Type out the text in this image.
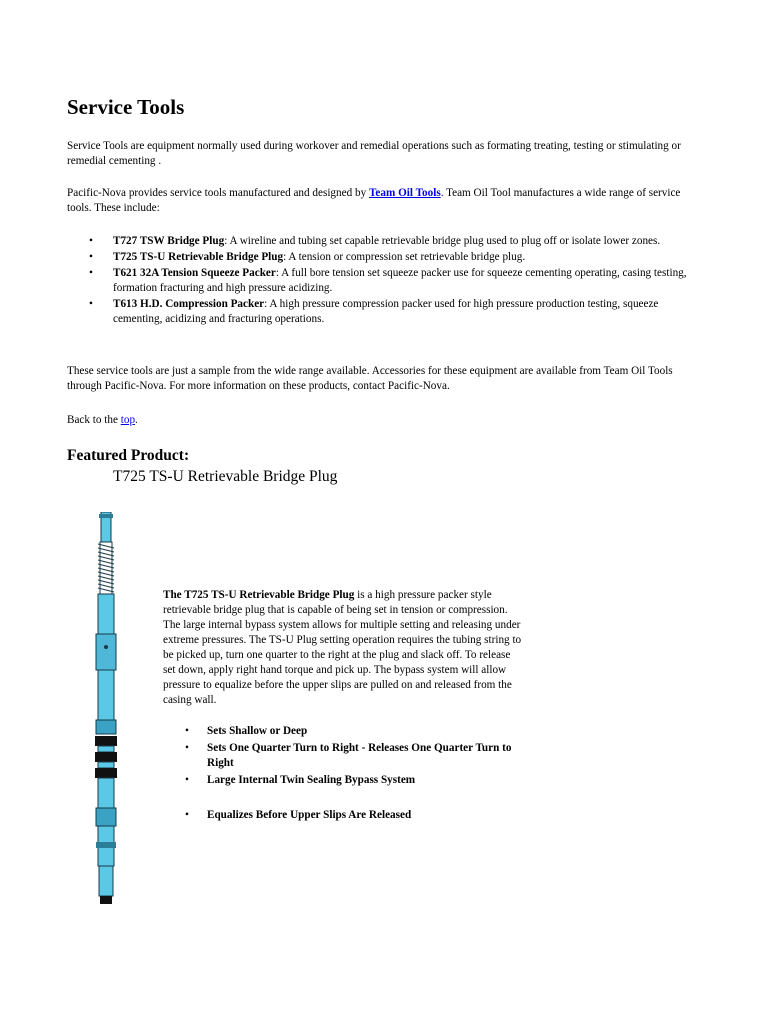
Service Tools
Service Tools are equipment normally used during workover and remedial operations such as formating treating, testing or stimulating or remedial cementing .
Pacific-Nova provides service tools manufactured and designed by Team Oil Tools. Team Oil Tool manufactures a wide range of service tools. These include:
• T727 TSW Bridge Plug: A wireline and tubing set capable retrievable bridge plug used to plug off or isolate lower zones.
• T725 TS-U Retrievable Bridge Plug: A tension or compression set retrievable bridge plug.
• T621 32A Tension Squeeze Packer: A full bore tension set squeeze packer use for squeeze cementing operating, casing testing, formation fracturing and high pressure acidizing.
• T613 H.D. Compression Packer: A high pressure compression packer used for high pressure production testing, squeeze cementing, acidizing and fracturing operations.
These service tools are just a sample from the wide range available. Accessories for these equipment are available from Team Oil Tools through Pacific-Nova. For more information on these products, contact Pacific-Nova.
Back to the top.
Featured Product:
T725 TS-U Retrievable Bridge Plug
The T725 TS-U Retrievable Bridge Plug is a high pressure packer style retrievable bridge plug that is capable of being set in tension or compression. The large internal bypass system allows for multiple setting and releasing under extreme pressures. The TS-U Plug setting operation requires the tubing string to be picked up, turn one quarter to the right at the plug and slack off. To release set down, apply right hand torque and pick up. The bypass system will allow pressure to equalize before the upper slips are pulled on and released from the casing wall.
• Sets Shallow or Deep
• Sets One Quarter Turn to Right - Releases One Quarter Turn to Right
• Large Internal Twin Sealing Bypass System
• Equalizes Before Upper Slips Are Released
